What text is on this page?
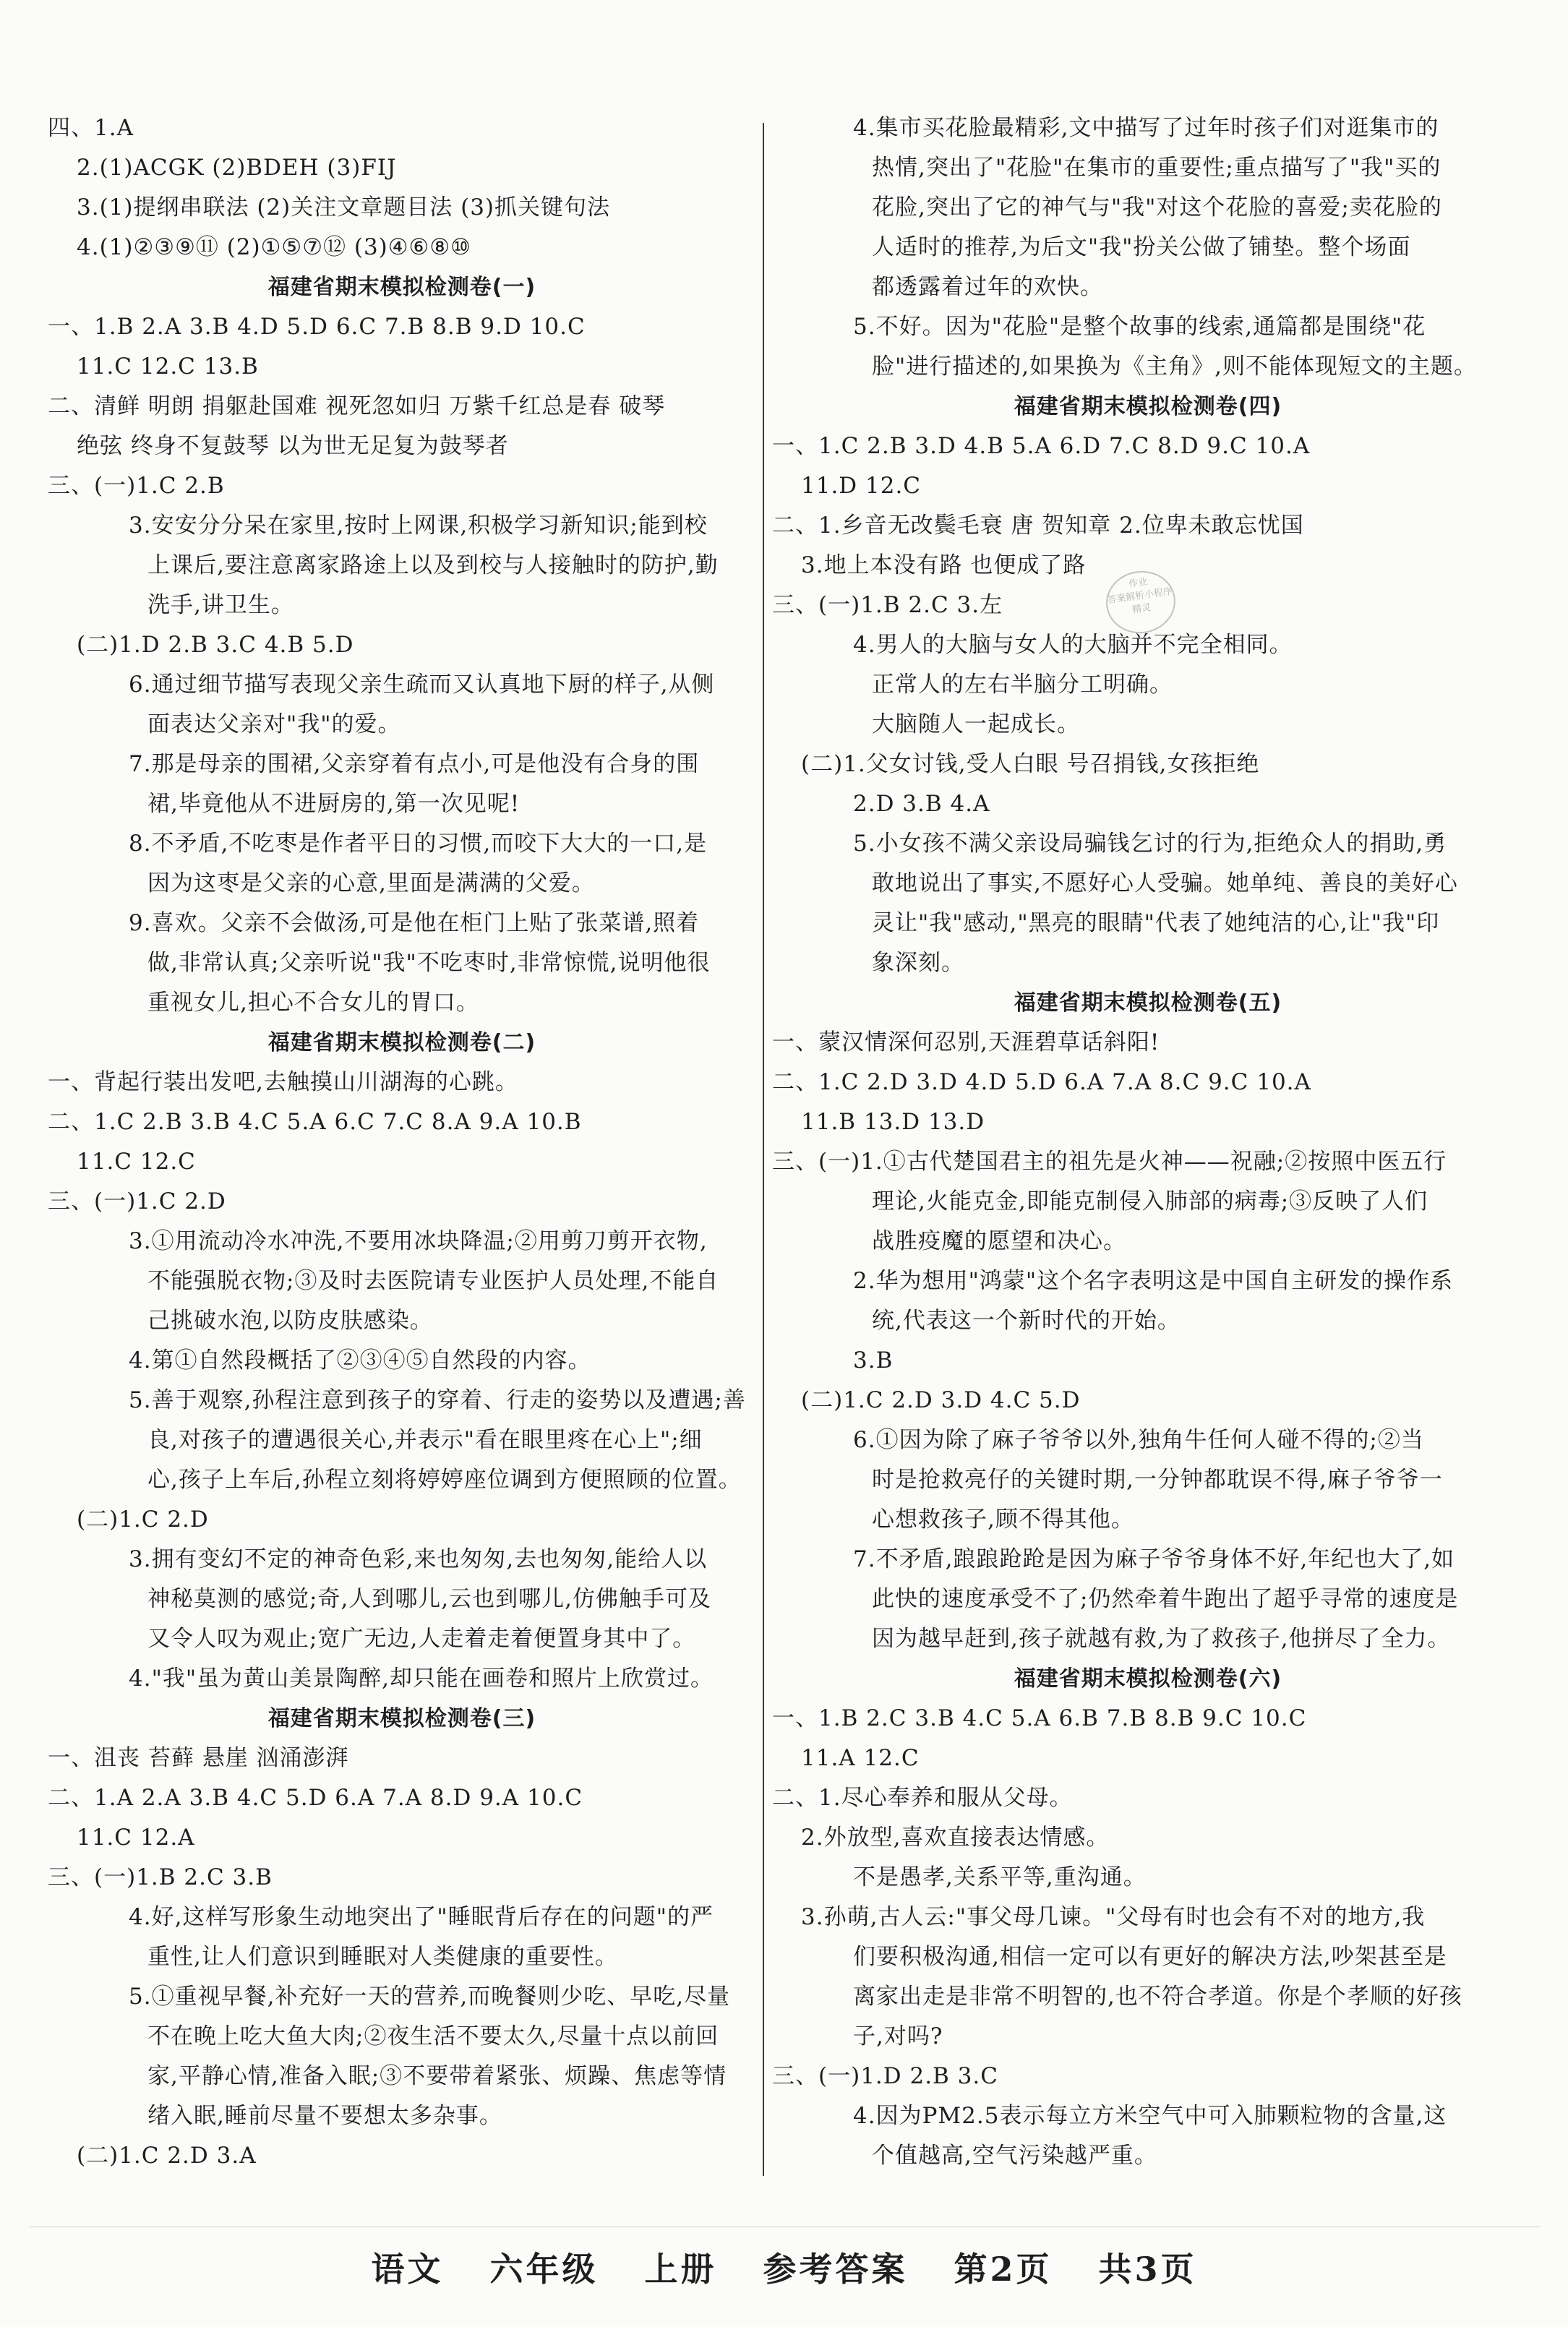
四、1.A
2.(1)ACGK (2)BDEH (3)FIJ
3.(1)提纲串联法 (2)关注文章题目法 (3)抓关键句法
4.(1)②③⑨⑪ (2)①⑤⑦⑫ (3)④⑥⑧⑩
福建省期末模拟检测卷(一)
一、1.B 2.A 3.B 4.D 5.D 6.C 7.B 8.B 9.D 10.C
11.C 12.C 13.B
二、清鲜 明朗 捐躯赴国难 视死忽如归 万紫千红总是春 破琴
绝弦 终身不复鼓琴 以为世无足复为鼓琴者
三、(一)1.C 2.B
3.安安分分呆在家里,按时上网课,积极学习新知识;能到校
上课后,要注意离家路途上以及到校与人接触时的防护,勤
洗手,讲卫生。
(二)1.D 2.B 3.C 4.B 5.D
6.通过细节描写表现父亲生疏而又认真地下厨的样子,从侧
面表达父亲对"我"的爱。
7.那是母亲的围裙,父亲穿着有点小,可是他没有合身的围
裙,毕竟他从不进厨房的,第一次见呢!
8.不矛盾,不吃枣是作者平日的习惯,而咬下大大的一口,是
因为这枣是父亲的心意,里面是满满的父爱。
9.喜欢。父亲不会做汤,可是他在柜门上贴了张菜谱,照着
做,非常认真;父亲听说"我"不吃枣时,非常惊慌,说明他很
重视女儿,担心不合女儿的胃口。
福建省期末模拟检测卷(二)
一、背起行装出发吧,去触摸山川湖海的心跳。
二、1.C 2.B 3.B 4.C 5.A 6.C 7.C 8.A 9.A 10.B
11.C 12.C
三、(一)1.C 2.D
3.①用流动冷水冲洗,不要用冰块降温;②用剪刀剪开衣物,
不能强脱衣物;③及时去医院请专业医护人员处理,不能自
己挑破水泡,以防皮肤感染。
4.第①自然段概括了②③④⑤自然段的内容。
5.善于观察,孙程注意到孩子的穿着、行走的姿势以及遭遇;善
良,对孩子的遭遇很关心,并表示"看在眼里疼在心上";细
心,孩子上车后,孙程立刻将婷婷座位调到方便照顾的位置。
(二)1.C 2.D
3.拥有变幻不定的神奇色彩,来也匆匆,去也匆匆,能给人以
神秘莫测的感觉;奇,人到哪儿,云也到哪儿,仿佛触手可及
又令人叹为观止;宽广无边,人走着走着便置身其中了。
4."我"虽为黄山美景陶醉,却只能在画卷和照片上欣赏过。
福建省期末模拟检测卷(三)
一、沮丧 苔藓 悬崖 汹涌澎湃
二、1.A 2.A 3.B 4.C 5.D 6.A 7.A 8.D 9.A 10.C
11.C 12.A
三、(一)1.B 2.C 3.B
4.好,这样写形象生动地突出了"睡眠背后存在的问题"的严
重性,让人们意识到睡眠对人类健康的重要性。
5.①重视早餐,补充好一天的营养,而晚餐则少吃、早吃,尽量
不在晚上吃大鱼大肉;②夜生活不要太久,尽量十点以前回
家,平静心情,准备入眠;③不要带着紧张、烦躁、焦虑等情
绪入眠,睡前尽量不要想太多杂事。
(二)1.C 2.D 3.A
4.集市买花脸最精彩,文中描写了过年时孩子们对逛集市的
热情,突出了"花脸"在集市的重要性;重点描写了"我"买的
花脸,突出了它的神气与"我"对这个花脸的喜爱;卖花脸的
人适时的推荐,为后文"我"扮关公做了铺垫。整个场面
都透露着过年的欢快。
5.不好。因为"花脸"是整个故事的线索,通篇都是围绕"花
脸"进行描述的,如果换为《主角》,则不能体现短文的主题。
福建省期末模拟检测卷(四)
一、1.C 2.B 3.D 4.B 5.A 6.D 7.C 8.D 9.C 10.A
11.D 12.C
二、1.乡音无改鬓毛衰 唐 贺知章 2.位卑未敢忘忧国
3.地上本没有路 也便成了路
三、(一)1.B 2.C 3.左
4.男人的大脑与女人的大脑并不完全相同。
正常人的左右半脑分工明确。
大脑随人一起成长。
(二)1.父女讨钱,受人白眼 号召捐钱,女孩拒绝
2.D 3.B 4.A
5.小女孩不满父亲设局骗钱乞讨的行为,拒绝众人的捐助,勇
敢地说出了事实,不愿好心人受骗。她单纯、善良的美好心
灵让"我"感动,"黑亮的眼睛"代表了她纯洁的心,让"我"印
象深刻。
福建省期末模拟检测卷(五)
一、蒙汉情深何忍别,天涯碧草话斜阳!
二、1.C 2.D 3.D 4.D 5.D 6.A 7.A 8.C 9.C 10.A
11.B 13.D 13.D
三、(一)1.①古代楚国君主的祖先是火神——祝融;②按照中医五行
理论,火能克金,即能克制侵入肺部的病毒;③反映了人们
战胜疫魔的愿望和决心。
2.华为想用"鸿蒙"这个名字表明这是中国自主研发的操作系
统,代表这一个新时代的开始。
3.B
(二)1.C 2.D 3.D 4.C 5.D
6.①因为除了麻子爷爷以外,独角牛任何人碰不得的;②当
时是抢救亮仔的关键时期,一分钟都耽误不得,麻子爷爷一
心想救孩子,顾不得其他。
7.不矛盾,踉踉跄跄是因为麻子爷爷身体不好,年纪也大了,如
此快的速度承受不了;仍然牵着牛跑出了超乎寻常的速度是
因为越早赶到,孩子就越有救,为了救孩子,他拼尽了全力。
福建省期末模拟检测卷(六)
一、1.B 2.C 3.B 4.C 5.A 6.B 7.B 8.B 9.C 10.C
11.A 12.C
二、1.尽心奉养和服从父母。
2.外放型,喜欢直接表达情感。
不是愚孝,关系平等,重沟通。
3.孙萌,古人云:"事父母几谏。"父母有时也会有不对的地方,我
们要积极沟通,相信一定可以有更好的解决方法,吵架甚至是
离家出走是非常不明智的,也不符合孝道。你是个孝顺的好孩
子,对吗?
三、(一)1.D 2.B 3.C
4.因为PM2.5表示每立方米空气中可入肺颗粒物的含量,这
个值越高,空气污染越严重。
作业
答案解析小程序
精灵
语文 六年级 上册 参考答案 第2页 共3页
